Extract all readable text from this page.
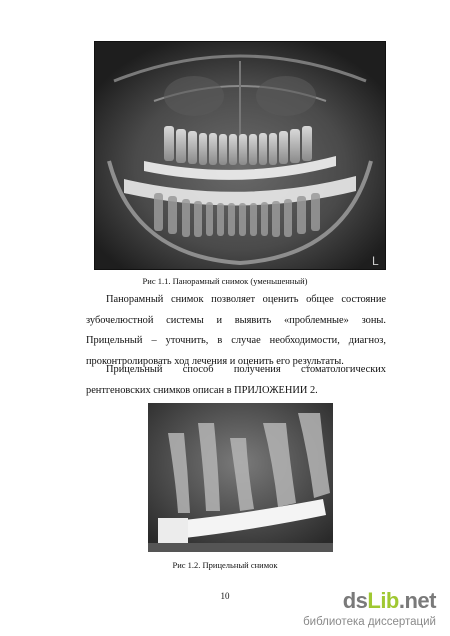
L
Рис 1.1. Панорамный снимок (уменьшенный)
Панорамный снимок позволяет оценить общее состояние зубочелюстной системы и выявить «проблемные» зоны. Прицельный – уточнить, в случае необходимости, диагноз, проконтролировать ход лечения и оценить его результаты.
Прицельный способ получения стоматологических рентгеновских снимков описан в ПРИЛОЖЕНИИ 2.
Рис 1.2. Прицельный снимок
10	dsLib.net
библиотека диссертаций
